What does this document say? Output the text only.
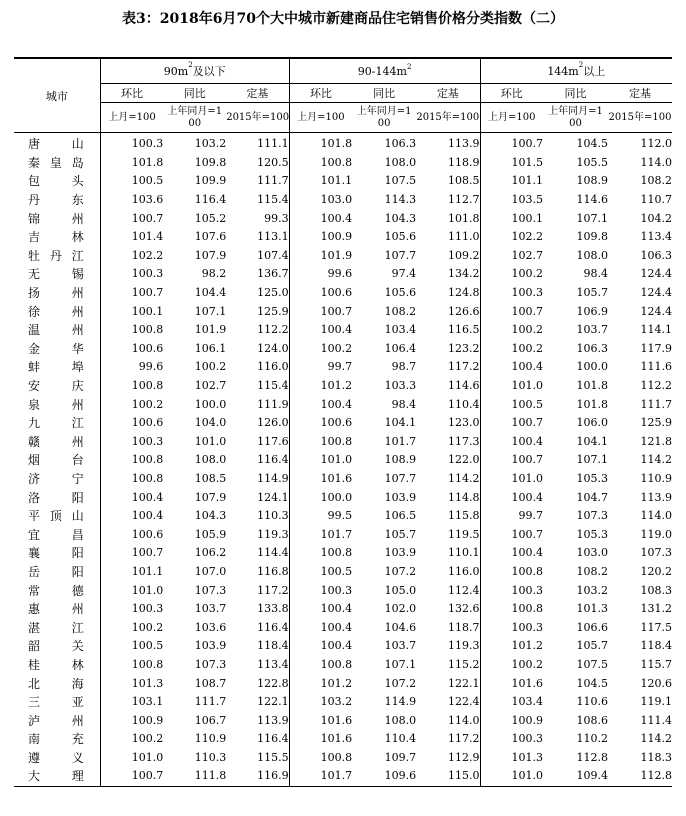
表3：2018年6月70个大中城市新建商品住宅销售价格分类指数（二）
城市	$90m^2$及以下			$90-144m^2$			$144m^2$以上		
	环比	同比	定基	环比	同比	定基	环比	同比	定基
	上月=100	上年同月=100	2015年=100	上月=100	上年同月=100	2015年=100	上月=100	上年同月=100	2015年=100
唐山	100.3	103.2	111.1	101.8	106.3	113.9	100.7	104.5	112.0
秦皇岛	101.8	109.8	120.5	100.8	108.0	118.9	101.5	105.5	114.0
包头	100.5	109.9	111.7	101.1	107.5	108.5	101.1	108.9	108.2
丹东	103.6	116.4	115.4	103.0	114.3	112.7	103.5	114.6	110.7
锦州	100.7	105.2	99.3	100.4	104.3	101.8	100.1	107.1	104.2
吉林	101.4	107.6	113.1	100.9	105.6	111.0	102.2	109.8	113.4
牡丹江	102.2	107.9	107.4	101.9	107.7	109.2	102.7	108.0	106.3
无锡	100.3	98.2	136.7	99.6	97.4	134.2	100.2	98.4	124.4
扬州	100.7	104.4	125.0	100.6	105.6	124.8	100.3	105.7	124.4
徐州	100.1	107.1	125.9	100.7	108.2	126.6	100.7	106.9	124.4
温州	100.8	101.9	112.2	100.4	103.4	116.5	100.2	103.7	114.1
金华	100.6	106.1	124.0	100.2	106.4	123.2	100.2	106.3	117.9
蚌埠	99.6	100.2	116.0	99.7	98.7	117.2	100.4	100.0	111.6
安庆	100.8	102.7	115.4	101.2	103.3	114.6	101.0	101.8	112.2
泉州	100.2	100.0	111.9	100.4	98.4	110.4	100.5	101.8	111.7
九江	100.6	104.0	126.0	100.6	104.1	123.0	100.7	106.0	125.9
赣州	100.3	101.0	117.6	100.8	101.7	117.3	100.4	104.1	121.8
烟台	100.8	108.0	116.4	101.0	108.9	122.0	100.7	107.1	114.2
济宁	100.8	108.5	114.9	101.6	107.7	114.2	101.0	105.3	110.9
洛阳	100.4	107.9	124.1	100.0	103.9	114.8	100.4	104.7	113.9
平顶山	100.4	104.3	110.3	99.5	106.5	115.8	99.7	107.3	114.0
宜昌	100.6	105.9	119.3	101.7	105.7	119.5	100.7	105.3	119.0
襄阳	100.7	106.2	114.4	100.8	103.9	110.1	100.4	103.0	107.3
岳阳	101.1	107.0	116.8	100.5	107.2	116.0	100.8	108.2	120.2
常德	101.0	107.3	117.2	100.3	105.0	112.4	100.3	103.2	108.3
惠州	100.3	103.7	133.8	100.4	102.0	132.6	100.8	101.3	131.2
湛江	100.2	103.6	116.4	100.4	104.6	118.7	100.3	106.6	117.5
韶关	100.5	103.9	118.4	100.4	103.7	119.3	101.2	105.7	118.4
桂林	100.8	107.3	113.4	100.8	107.1	115.2	100.2	107.5	115.7
北海	101.3	108.7	122.8	101.2	107.2	122.1	101.6	104.5	120.6
三亚	103.1	111.7	122.1	103.2	114.9	122.4	103.4	110.6	119.1
泸州	100.9	106.7	113.9	101.6	108.0	114.0	100.9	108.6	111.4
南充	100.2	110.9	116.4	101.6	110.4	117.2	100.3	110.2	114.2
遵义	101.0	110.3	115.5	100.8	109.7	112.9	101.3	112.8	118.3
大理	100.7	111.8	116.9	101.7	109.6	115.0	101.0	109.4	112.8
